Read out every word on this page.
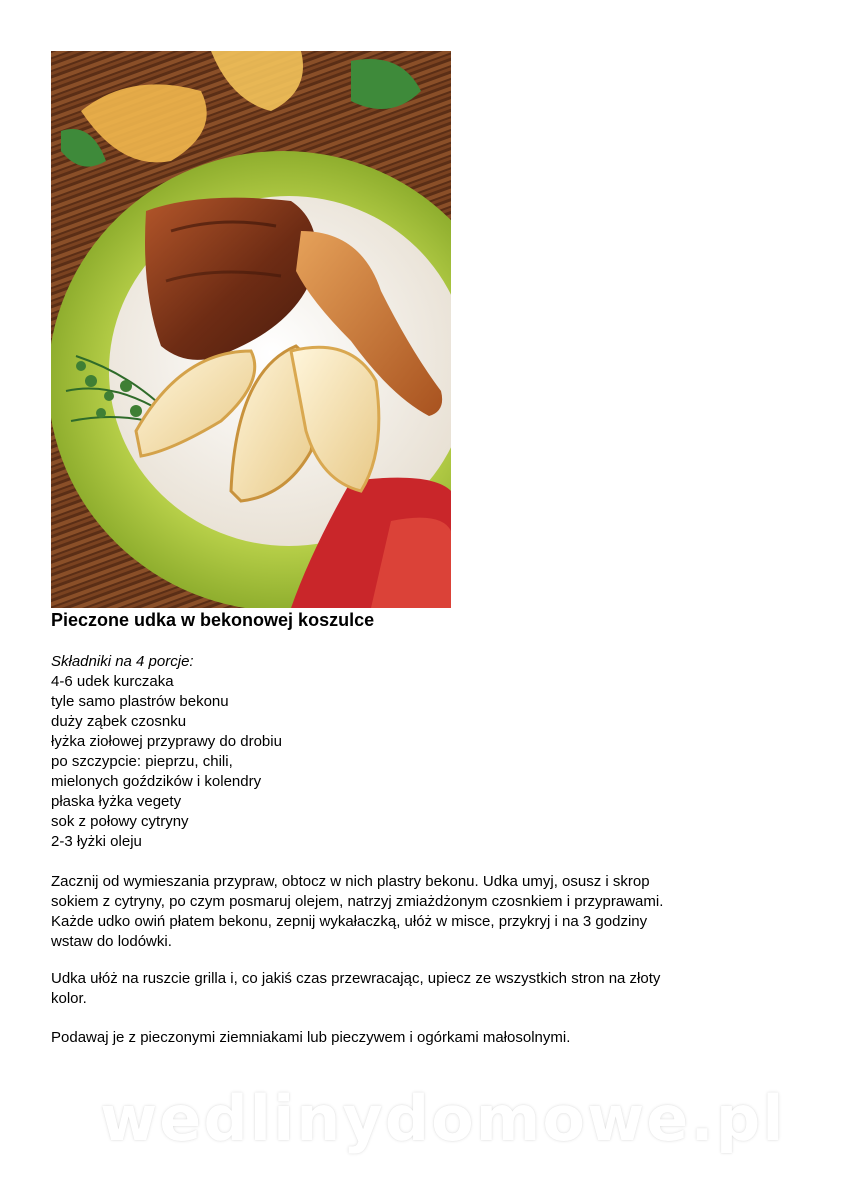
Pieczone udka w bekonowej koszulce
Składniki na 4 porcje:
4-6 udek kurczaka
tyle samo plastrów bekonu
duży ząbek czosnku
łyżka ziołowej przyprawy do drobiu
po szczypcie: pieprzu, chili,
mielonych goździków i kolendry
płaska łyżka vegety
sok z połowy cytryny
2-3 łyżki oleju
Zacznij od wymieszania przypraw, obtocz w nich plastry bekonu. Udka umyj, osusz i skrop
sokiem z cytryny, po czym posmaruj olejem, natrzyj zmiażdżonym czosnkiem i przyprawami.
Każde udko owiń płatem bekonu, zepnij wykałaczką, ułóż w misce, przykryj i na 3 godziny
wstaw do lodówki.
Udka ułóż na ruszcie grilla i, co jakiś czas przewracając, upiecz ze wszystkich stron na złoty
kolor.
Podawaj je z pieczonymi ziemniakami lub pieczywem i ogórkami małosolnymi.
wedlinydomowe.pl
